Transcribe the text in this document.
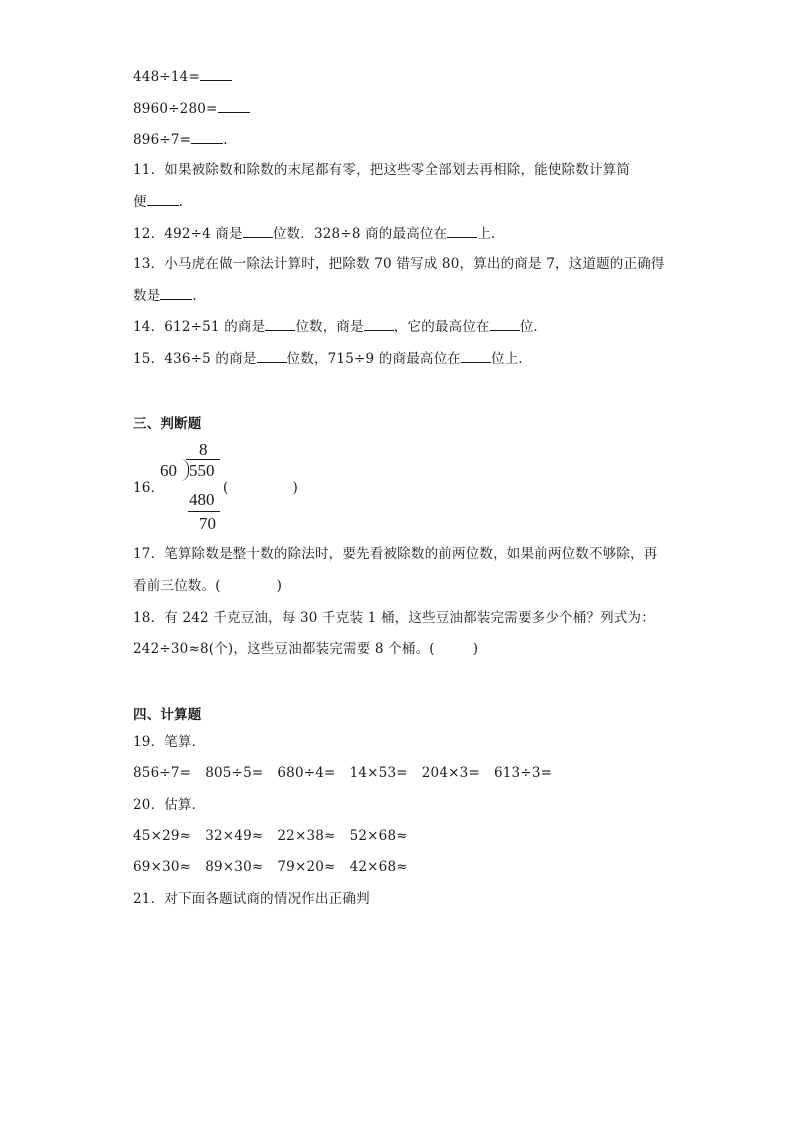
448÷14=
8960÷280=
896÷7= .
11．如果被除数和除数的末尾都有零，把这些零全部划去再相除，能使除数计算简
便 .
12．492÷4 商是 位数．328÷8 商的最高位在 上．
13．小马虎在做一除法计算时，把除数 70 错写成 80，算出的商是 7，这道题的正确得
数是 .
14．612÷51 的商是 位数，商是 ，它的最高位在 位．
15．436÷5 的商是 位数，715÷9 的商最高位在 位上．
三、判断题
16．
8
60 550
480
70
(	)
17．笔算除数是整十数的除法时，要先看被除数的前两位数，如果前两位数不够除，再
看前三位数。(	)
18．有 242 千克豆油，每 30 千克装 1 桶，这些豆油都装完需要多少个桶？列式为：
242÷30≈8(个)，这些豆油都装完需要 8 个桶。(	)
四、计算题
19．笔算．
856÷7= 805÷5= 680÷4= 14×53= 204×3= 613÷3=
20．估算．
45×29≈ 32×49≈ 22×38≈ 52×68≈
69×30≈ 89×30≈ 79×20≈ 42×68≈
21．对下面各题试商的情况作出正确判
